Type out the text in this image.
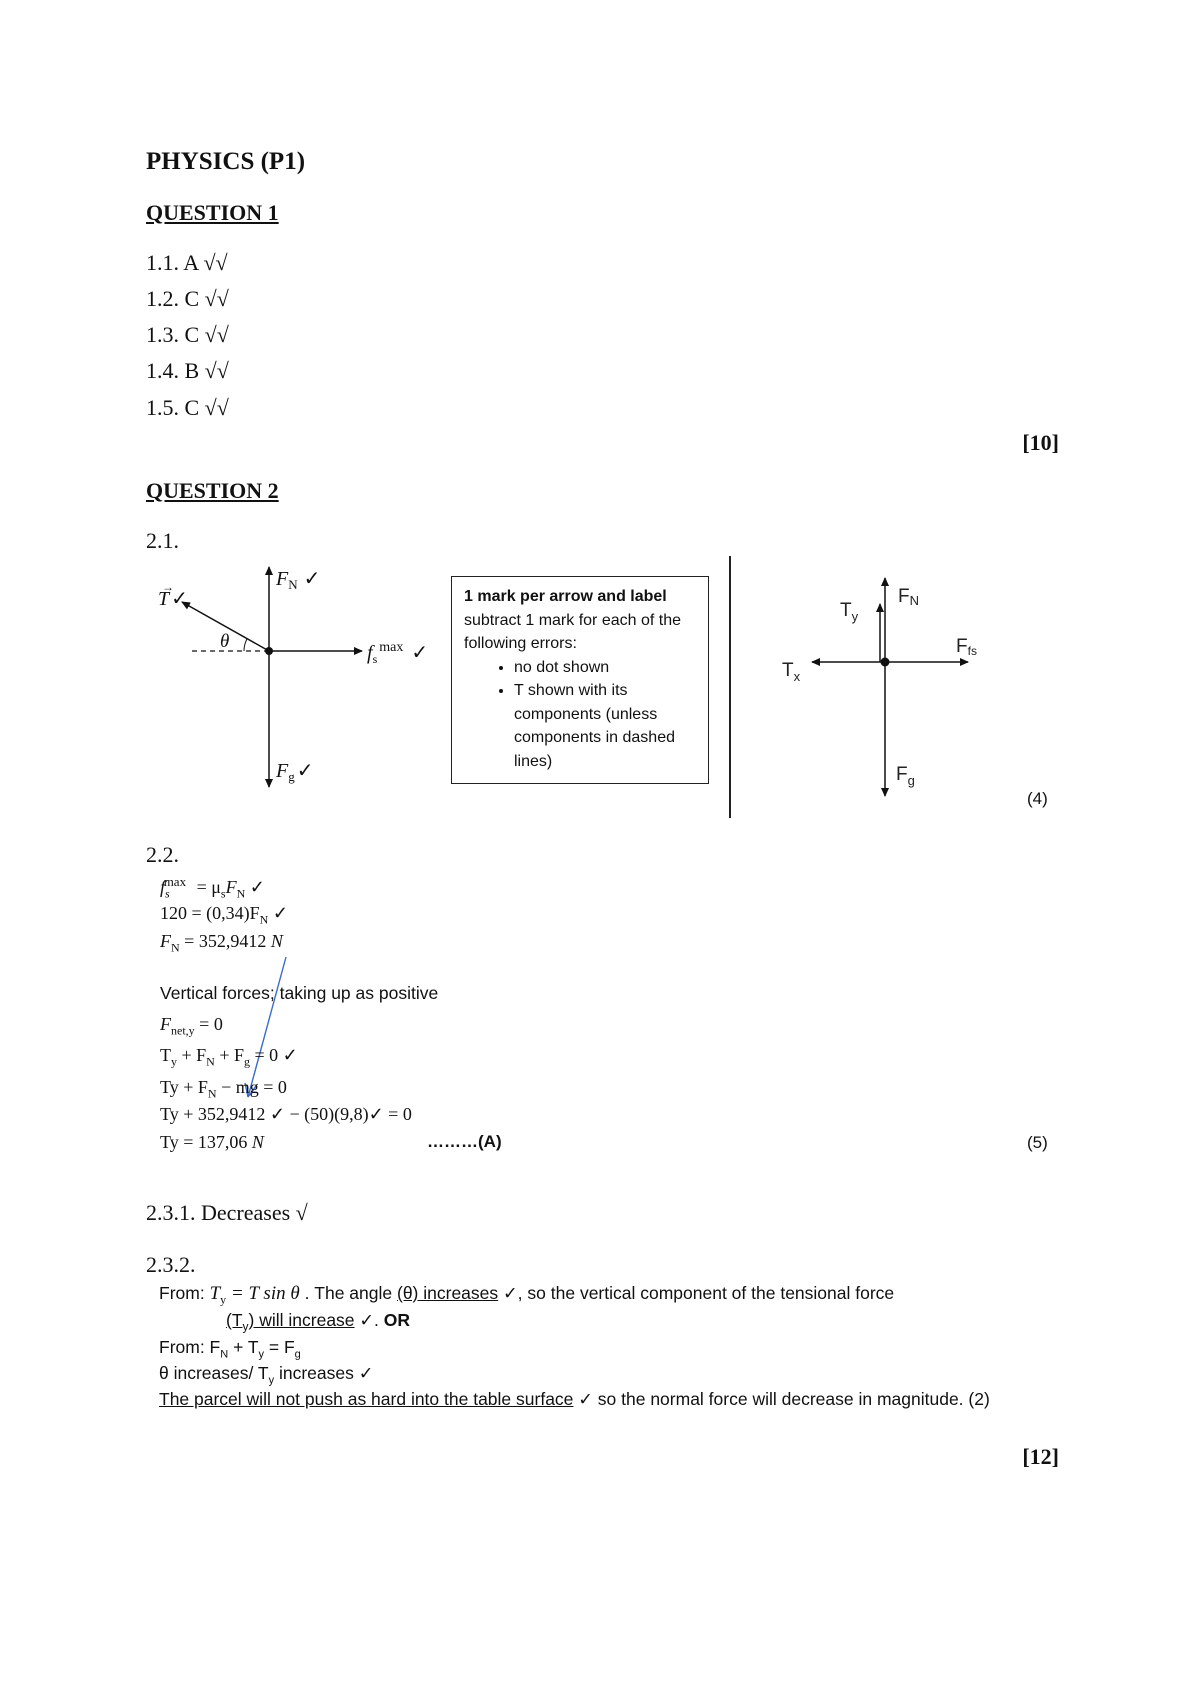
PHYSICS (P1)
QUESTION 1
1.1. A √√
1.2. C √√
1.3. C √√
1.4. B √√
1.5. C √√
[10]
QUESTION 2
2.1.
T ✓
→
θ
$F_N$ ✓
$f_s^{max}$ ✓
$F_g$ ✓
1 mark per arrow and label
subtract 1 mark for each of the following errors:
• no dot shown
• T shown with its components (unless components in dashed lines)
$T_y$
FN
Ffs
$T_x$
$F_g$
(4)
2.2.
$f_s^{max} = \mu_sF_N$ ✓
$120 = (0,34)F_N$ ✓
$F_N = 352,9412$ N
Vertical forces; taking up as positive
$F_{net,y} = 0$
$T_y + F_N + F_g = 0$ ✓
$Ty + F_N$ − mg = 0
Ty + 352,9412 ✓ − (50)(9,8)✓ = 0
Ty = 137,06 N	………(A)	(5)
2.3.1. Decreases √
2.3.2.
From: $T_y = T$ sin θ . The angle (θ) increases ✓, so the vertical component of the tensional force
$(T_y)$ will increase ✓. OR
From: $F_N + T_y = F_g$
θ increases/ $T_y$ increases ✓
The parcel will not push as hard into the table surface ✓ so the normal force will decrease in magnitude. (2)
[12]
